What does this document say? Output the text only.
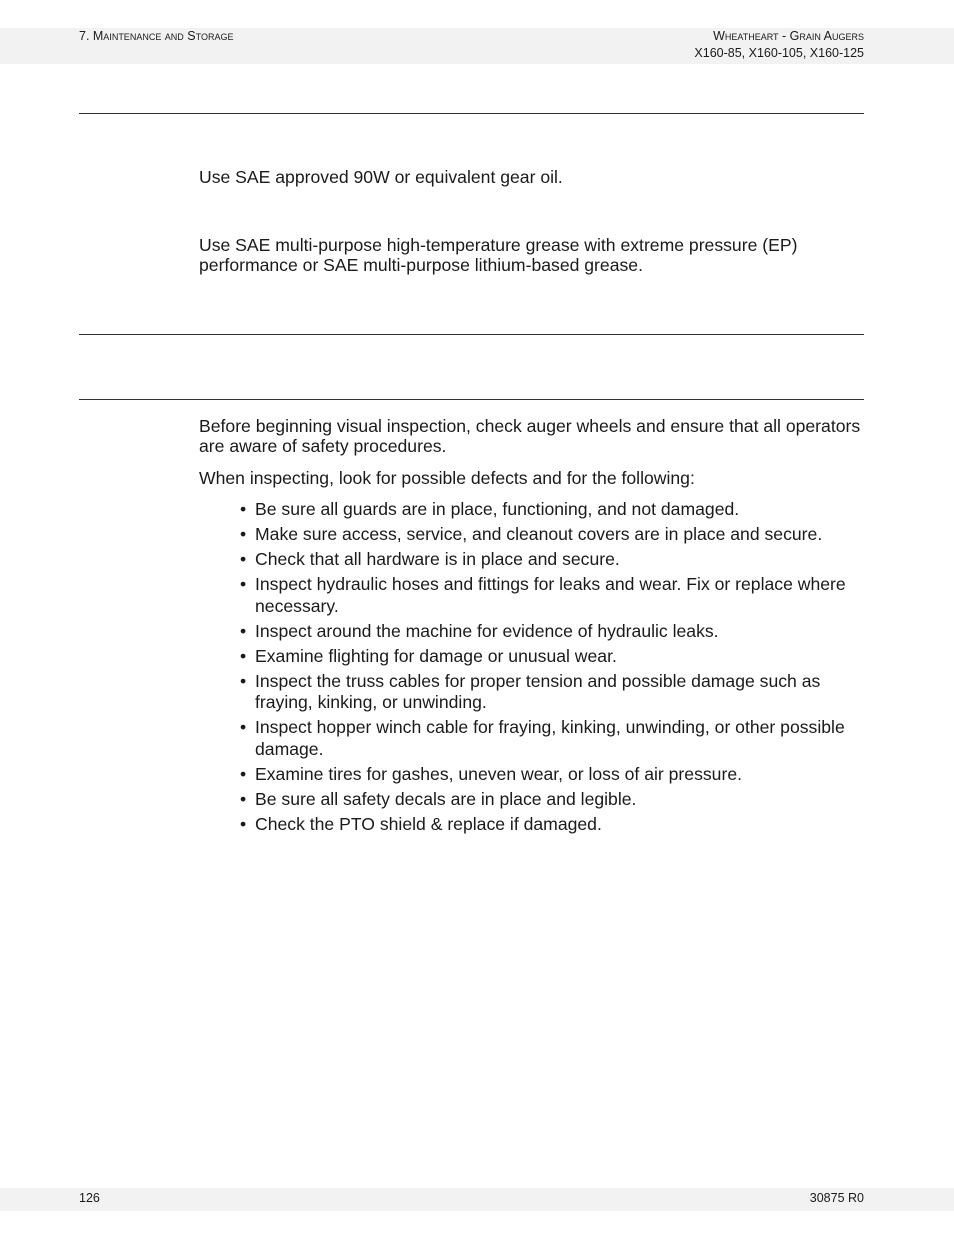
7. Maintenance and Storage	Wheatheart - Grain Augers
X160-85, X160-105, X160-125

Use SAE approved 90W or equivalent gear oil.

Use SAE multi-purpose high-temperature grease with extreme pressure (EP) performance or SAE multi-purpose lithium-based grease.

Before beginning visual inspection, check auger wheels and ensure that all operators are aware of safety procedures.

When inspecting, look for possible defects and for the following:

• Be sure all guards are in place, functioning, and not damaged.
• Make sure access, service, and cleanout covers are in place and secure.
• Check that all hardware is in place and secure.
• Inspect hydraulic hoses and fittings for leaks and wear. Fix or replace where necessary.
• Inspect around the machine for evidence of hydraulic leaks.
• Examine flighting for damage or unusual wear.
• Inspect the truss cables for proper tension and possible damage such as fraying, kinking, or unwinding.
• Inspect hopper winch cable for fraying, kinking, unwinding, or other possible damage.
• Examine tires for gashes, uneven wear, or loss of air pressure.
• Be sure all safety decals are in place and legible.
• Check the PTO shield & replace if damaged.
126	30875 R0
